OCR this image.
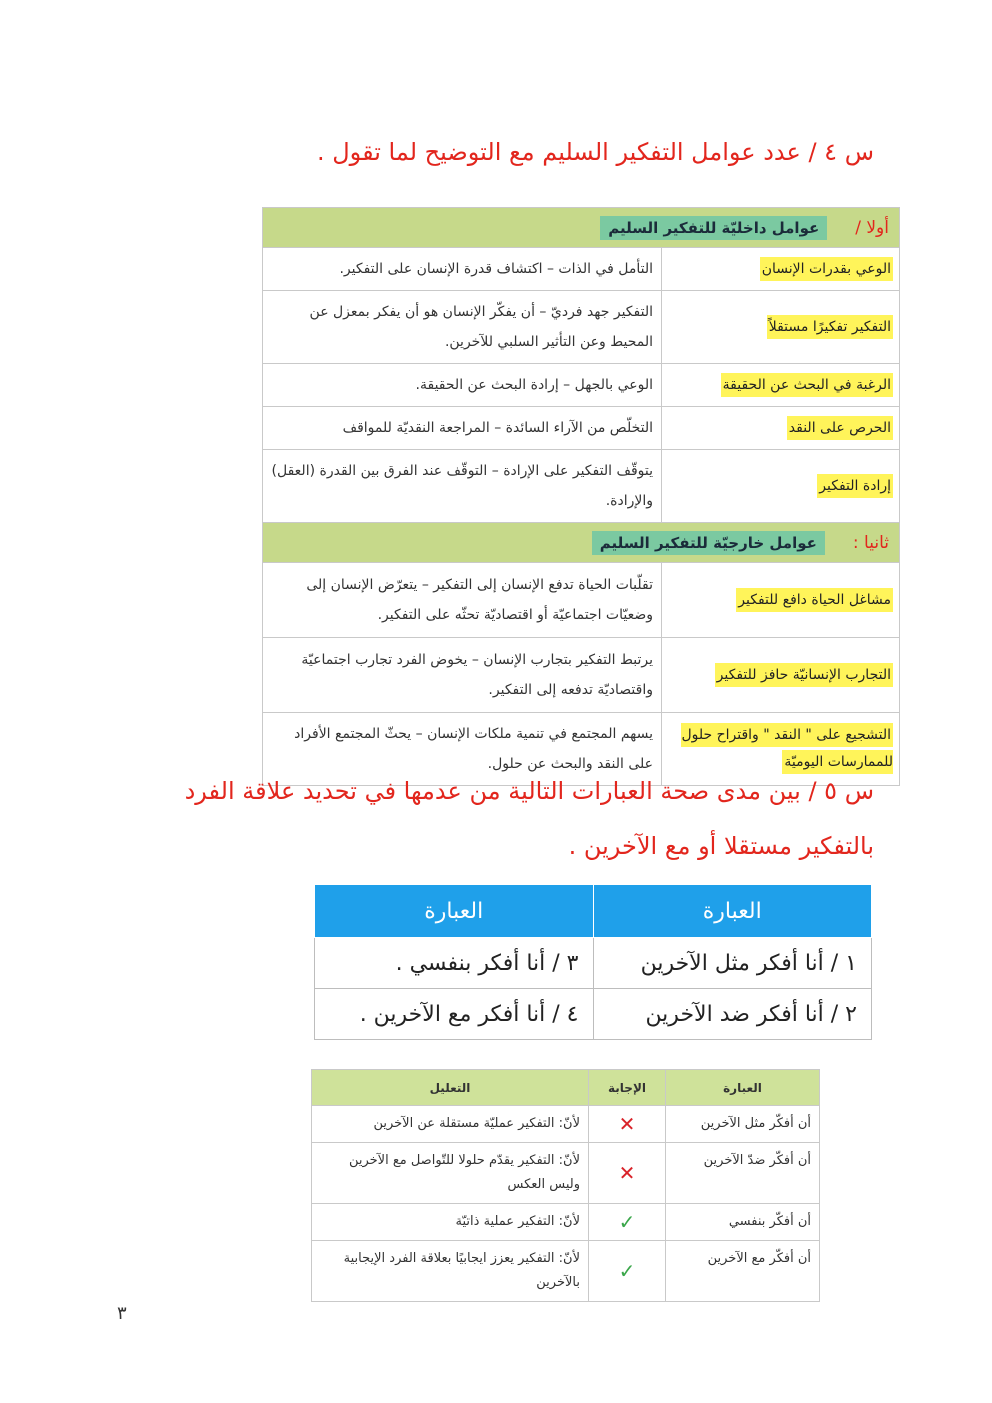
س ٤ / عدد عوامل التفكير السليم مع التوضيح لما تقول .
أولا /
عوامل داخليّة للتفكير السليم	

الوعي بقدرات الإنسان	التأمل في الذات – اكتشاف قدرة الإنسان على التفكير.
التفكير تفكيرًا مستقلاً	التفكير جهد فرديّ – أن يفكّر الإنسان هو أن يفكر بمعزل عن المحيط وعن التأثير السلبي للآخرين.
الرغبة في البحث عن الحقيقة	الوعي بالجهل – إرادة البحث عن الحقيقة.
الحرص على النقد	التخلّص من الآراء السائدة – المراجعة النقديّة للمواقف
إرادة التفكير	يتوقّف التفكير على الإرادة – التوقّف عند الفرق بين القدرة (العقل) والإرادة.

ثانيا :
عوامل خارجيّة للتفكير السليم	

مشاغل الحياة دافع للتفكير	تقلّبات الحياة تدفع الإنسان إلى التفكير – يتعرّض الإنسان إلى وضعيّات اجتماعيّة أو اقتصاديّة تحثّه على التفكير.
التجارب الإنسانيّة حافز للتفكير	يرتبط التفكير بتجارب الإنسان – يخوض الفرد تجارب اجتماعيّة واقتصاديّة تدفعه إلى التفكير.
التشجيع على " النقد " واقتراح حلول للممارسات اليوميّة	يسهم المجتمع في تنمية ملكات الإنسان – يحثّ المجتمع الأفراد على النقد والبحث عن حلول.
س ٥ / بين مدى صحة العبارات التالية من عدمها في تحديد علاقة الفرد
بالتفكير مستقلا أو مع الآخرين .
العبارة	العبارة
١ / أنا أفكر مثل الآخرين	٣ / أنا أفكر بنفسي .
٢ / أنا أفكر ضد الآخرين	٤ / أنا أفكر مع الآخرين .
العبارة	الإجابة	التعليل
أن أفكّر مثل الآخرين	✕	لأنّ: التفكير عمليّة مستقلة عن الآخرين
أن أفكّر ضدّ الآخرين	✕	لأنّ: التفكير يقدّم حلولا للتّواصل مع الآخرين وليس العكس
أن أفكّر بنفسي	✓	لأنّ: التفكير عملية ذاتيّة
أن أفكّر مع الآخرين	✓	لأنّ: التفكير يعزز ايجابيًا بعلاقة الفرد الإيجابية بالآخرين
٣
